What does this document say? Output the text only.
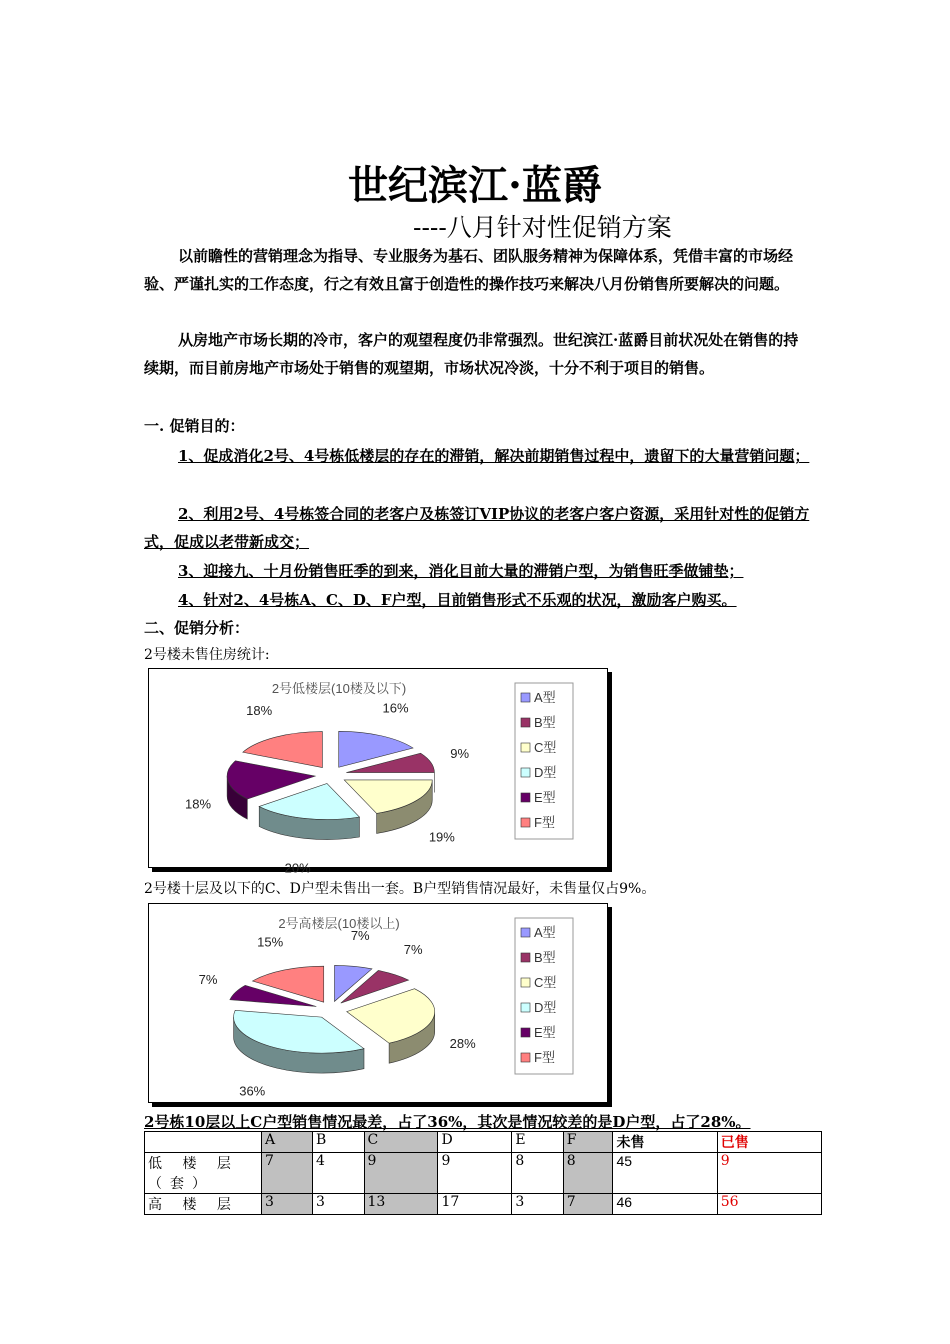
世纪滨江·蓝爵
----八月针对性促销方案
以前瞻性的营销理念为指导、专业服务为基石、团队服务精神为保障体系，凭借丰富的市场经验、严谨扎实的工作态度，行之有效且富于创造性的操作技巧来解决八月份销售所要解决的问题。
从房地产市场长期的冷市，客户的观望程度仍非常强烈。世纪滨江·蓝爵目前状况处在销售的持续期，而目前房地产市场处于销售的观望期，市场状况冷淡，十分不利于项目的销售。
一. 促销目的：
1、促成消化2号、4号栋低楼层的存在的滞销，解决前期销售过程中，遗留下的大量营销问题；
2、利用2号、4号栋签合同的老客户及栋签订VIP协议的老客户客户资源，采用针对性的促销方式，促成以老带新成交；
3、迎接九、十月份销售旺季的到来，消化目前大量的滞销户型，为销售旺季做铺垫；
4、针对2、4号栋A、C、D、F户型，目前销售形式不乐观的状况，激励客户购买。
二、促销分析：
2号楼未售住房统计:
2号低楼层(10楼及以下)
16%
9%
19%
20%
18%
18%
A型
B型
C型
D型
E型
F型
2号楼十层及以下的C、D户型未售出一套。B户型销售情况最好，未售量仅占9%。
2号高楼层(10楼以上)
7%
7%
28%
36%
7%
15%
A型
B型
C型
D型
E型
F型
2号栋10层以上C户型销售情况最差，占了36%，其次是情况较差的是D户型，占了28%。
	A	B	C	D	E	F	未售	已售
低 楼 层（套）	7	4	9	9	8	8	45	9
高 楼 层	3	3	13	17	3	7	46	56
